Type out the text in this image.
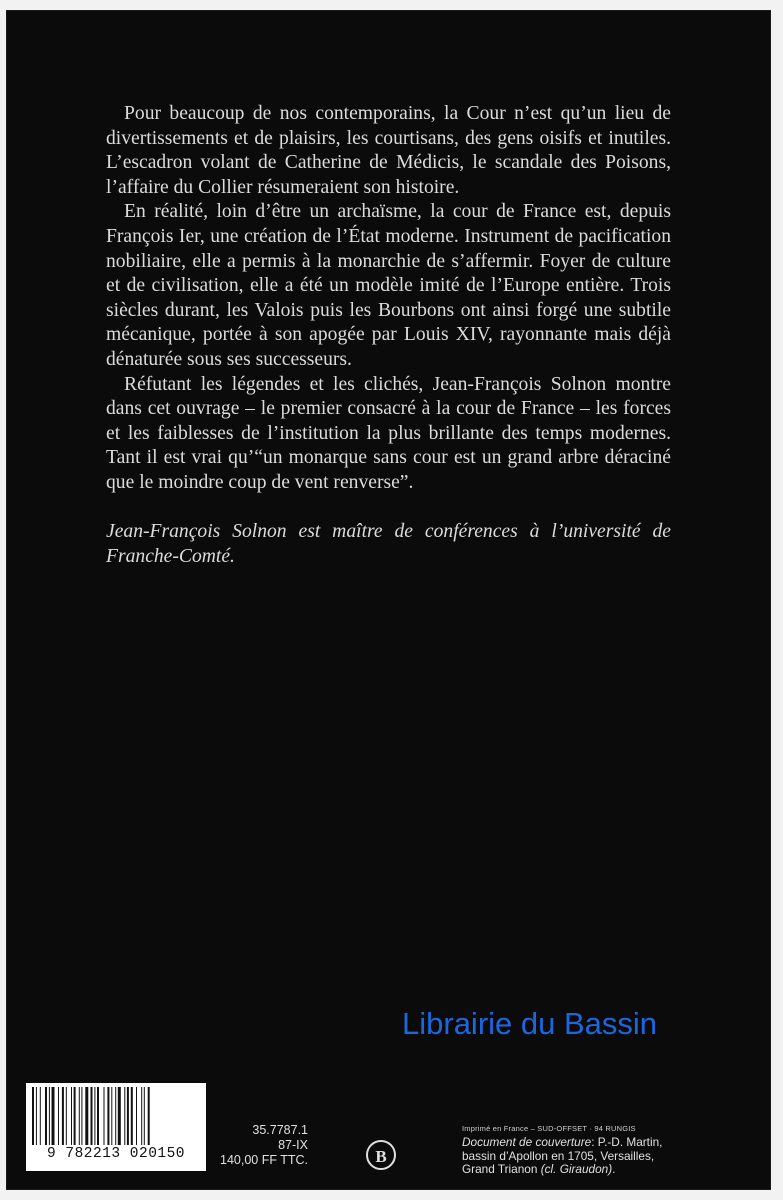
Pour beaucoup de nos contemporains, la Cour n’est qu’un lieu de divertissements et de plaisirs, les courtisans, des gens oisifs et inutiles. L’escadron volant de Catherine de Médicis, le scandale des Poisons, l’affaire du Collier résumeraient son histoire.

En réalité, loin d’être un archaïsme, la cour de France est, depuis François Ier, une création de l’État moderne. Instrument de pacification nobiliaire, elle a permis à la monarchie de s’affermir. Foyer de culture et de civilisation, elle a été un modèle imité de l’Europe entière. Trois siècles durant, les Valois puis les Bourbons ont ainsi forgé une subtile mécanique, portée à son apogée par Louis XIV, rayonnante mais déjà dénaturée sous ses successeurs.

Réfutant les légendes et les clichés, Jean-François Solnon montre dans cet ouvrage – le premier consacré à la cour de France – les forces et les faiblesses de l’institution la plus brillante des temps modernes. Tant il est vrai qu’“un monarque sans cour est un grand arbre déraciné que le moindre coup de vent renverse”.

Jean-François Solnon est maître de conférences à l’université de Franche-Comté.
9 782213 020150
35.7787.1
87-IX
140,00 FF TTC.	B
Imprimé en France – SUD-OFFSET · 94 RUNGIS
Document de couverture: P.-D. Martin,
bassin d’Apollon en 1705, Versailles,
Grand Trianon (cl. Giraudon).
Librairie du Bassin
